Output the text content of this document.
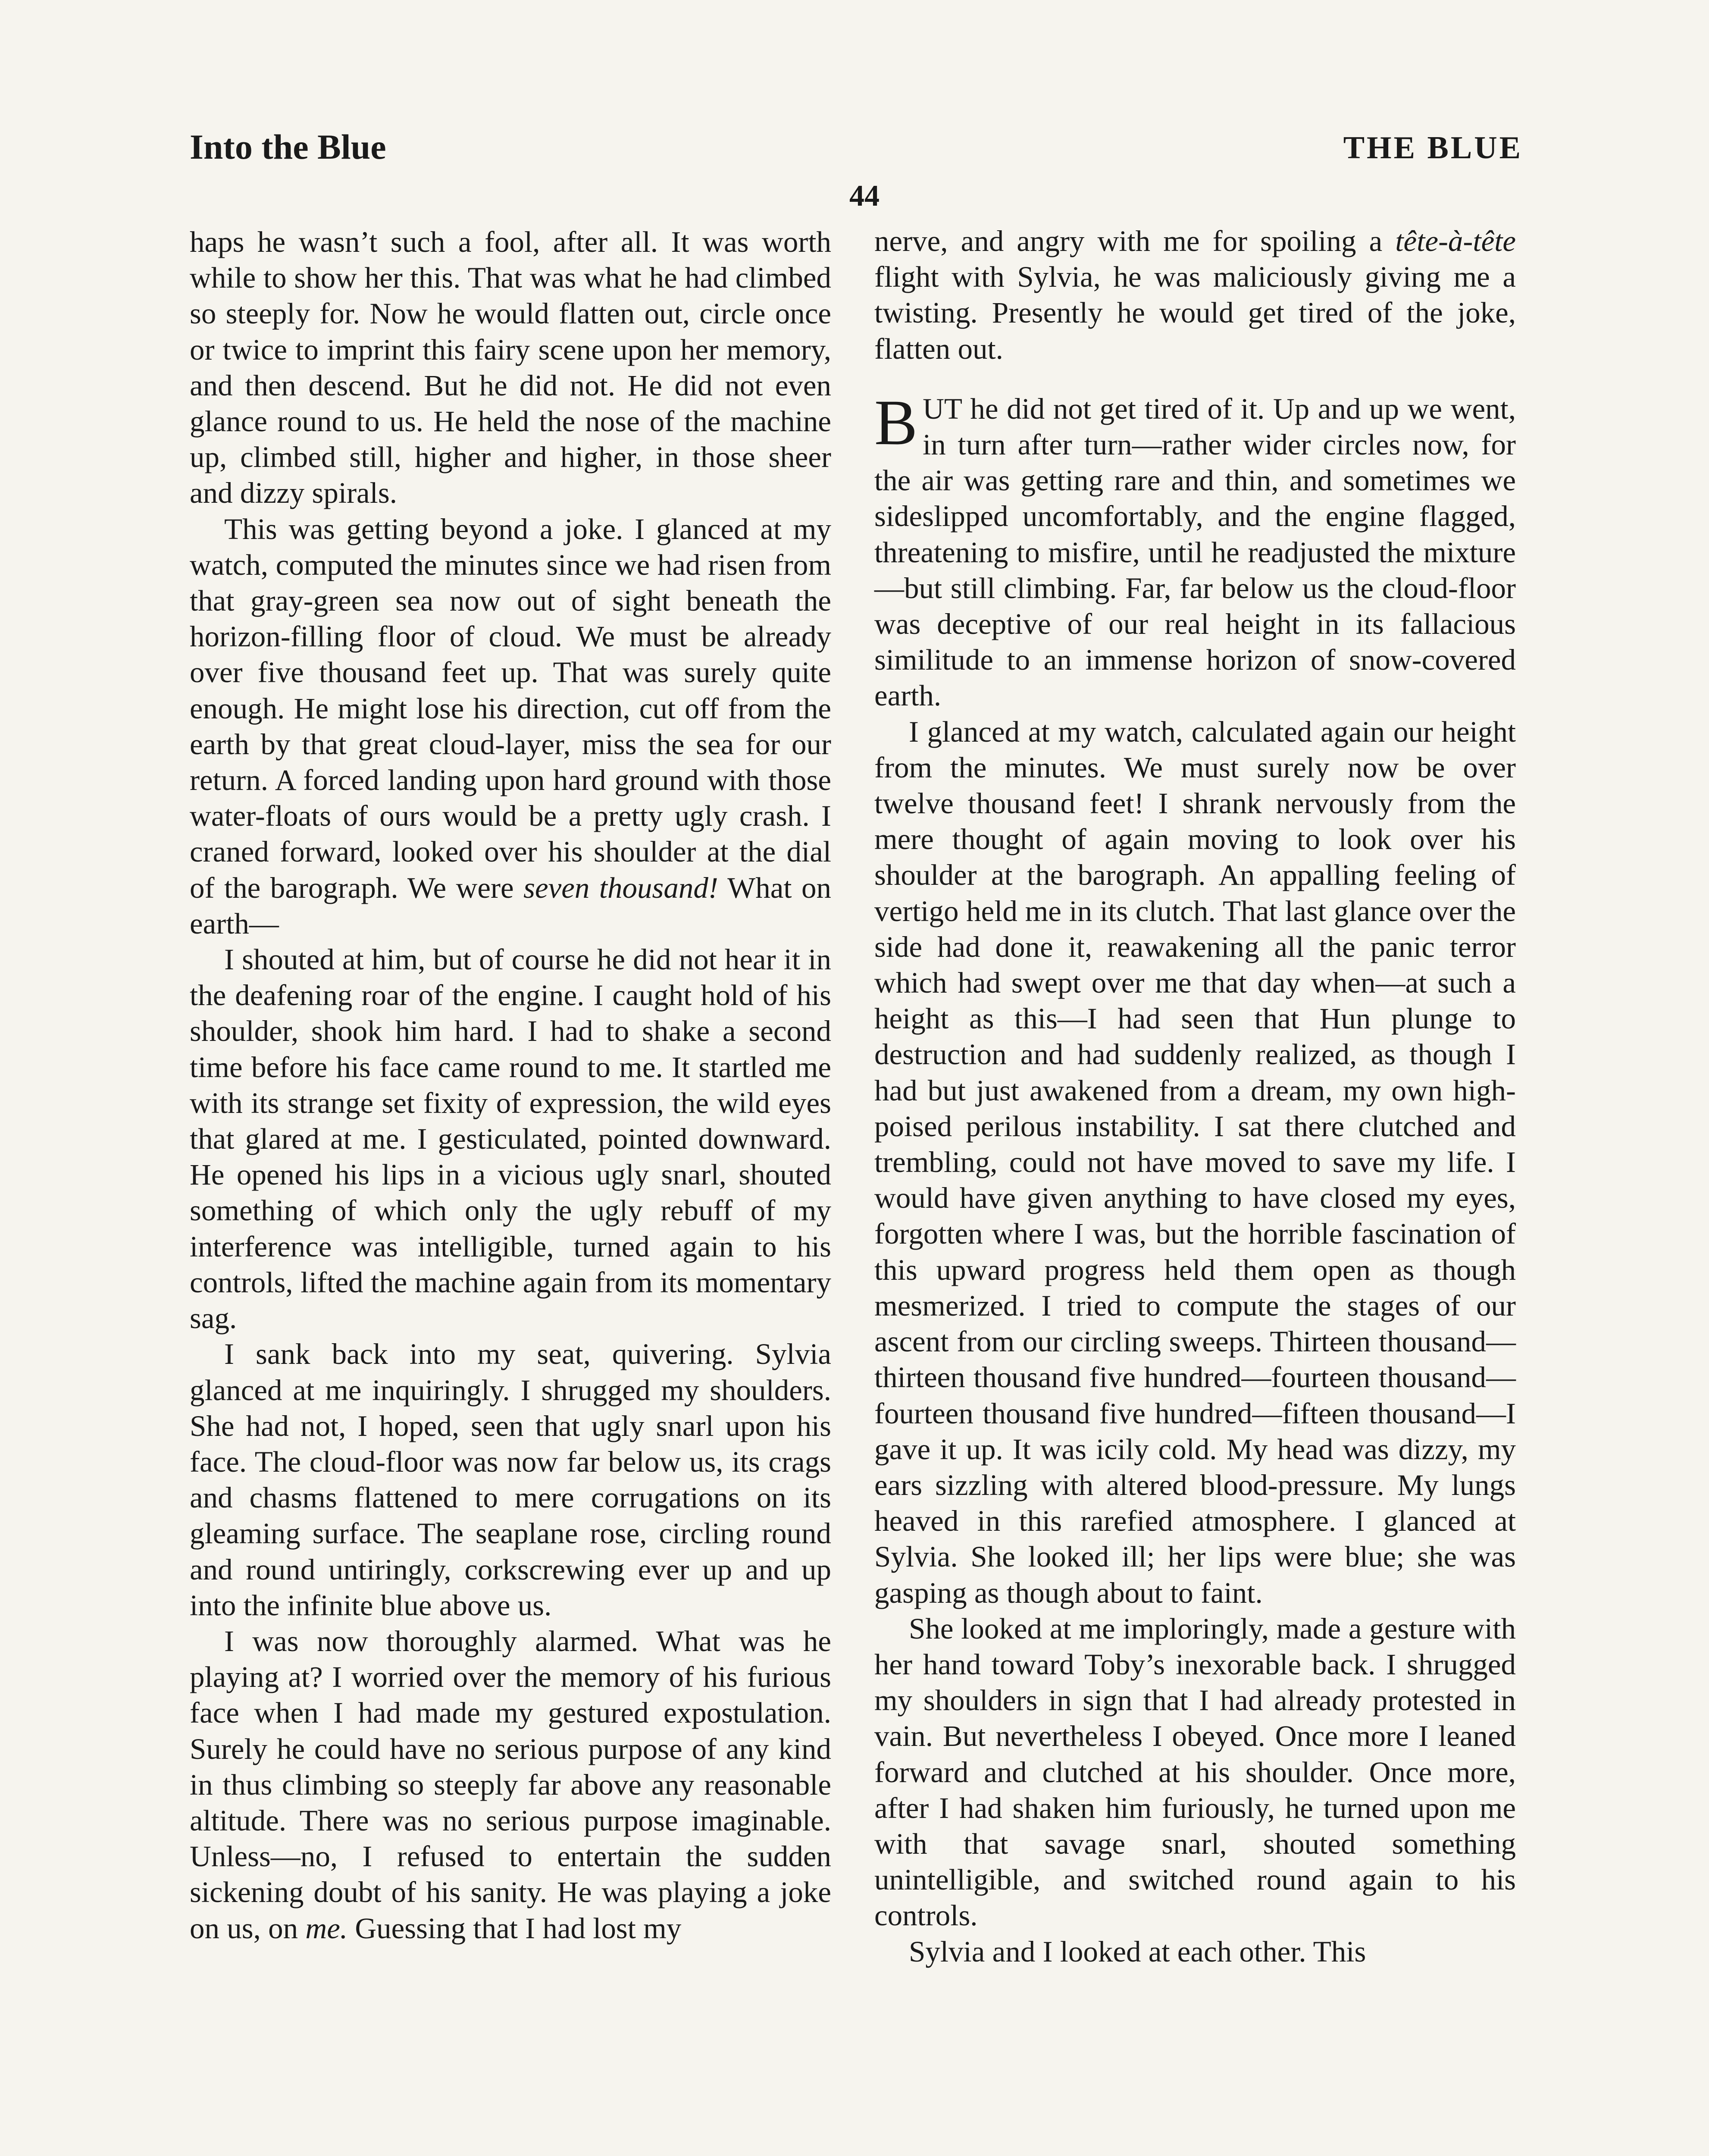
Into the Blue	THE BLUE
44

haps he wasn’t such a fool, after all. It was worth while to show her this. That was what he had climbed so steeply for. Now he would flatten out, circle once or twice to imprint this fairy scene upon her memory, and then descend. But he did not. He did not even glance round to us. He held the nose of the machine up, climbed still, higher and higher, in those sheer and dizzy spirals.

This was getting beyond a joke. I glanced at my watch, computed the minutes since we had risen from that gray-green sea now out of sight beneath the horizon-filling floor of cloud. We must be already over five thousand feet up. That was surely quite enough. He might lose his direction, cut off from the earth by that great cloud-layer, miss the sea for our return. A forced landing upon hard ground with those water-floats of ours would be a pretty ugly crash. I craned forward, looked over his shoulder at the dial of the barograph. We were seven thousand! What on earth—

I shouted at him, but of course he did not hear it in the deafening roar of the engine. I caught hold of his shoulder, shook him hard. I had to shake a second time before his face came round to me. It startled me with its strange set fixity of expression, the wild eyes that glared at me. I gesticulated, pointed downward. He opened his lips in a vicious ugly snarl, shouted something of which only the ugly rebuff of my interference was intelligible, turned again to his controls, lifted the machine again from its momentary sag.

I sank back into my seat, quivering. Sylvia glanced at me inquiringly. I shrugged my shoulders. She had not, I hoped, seen that ugly snarl upon his face. The cloud-floor was now far below us, its crags and chasms flattened to mere corrugations on its gleaming surface. The seaplane rose, circling round and round untiringly, corkscrewing ever up and up into the infinite blue above us.

I was now thoroughly alarmed. What was he playing at? I worried over the memory of his furious face when I had made my gestured expostulation. Surely he could have no serious purpose of any kind in thus climbing so steeply far above any reasonable altitude. There was no serious purpose imaginable. Unless—no, I refused to entertain the sudden sickening doubt of his sanity. He was playing a joke on us, on me. Guessing that I had lost my

nerve, and angry with me for spoiling a tête-à-tête flight with Sylvia, he was maliciously giving me a twisting. Presently he would get tired of the joke, flatten out.

BUT he did not get tired of it. Up and up we went, in turn after turn—rather wider circles now, for the air was getting rare and thin, and sometimes we sideslipped uncomfortably, and the engine flagged, threatening to misfire, until he readjusted the mixture—but still climbing. Far, far below us the cloud-floor was deceptive of our real height in its fallacious similitude to an immense horizon of snow-covered earth.

I glanced at my watch, calculated again our height from the minutes. We must surely now be over twelve thousand feet! I shrank nervously from the mere thought of again moving to look over his shoulder at the barograph. An appalling feeling of vertigo held me in its clutch. That last glance over the side had done it, reawakening all the panic terror which had swept over me that day when—at such a height as this—I had seen that Hun plunge to destruction and had suddenly realized, as though I had but just awakened from a dream, my own high-poised perilous instability. I sat there clutched and trembling, could not have moved to save my life. I would have given anything to have closed my eyes, forgotten where I was, but the horrible fascination of this upward progress held them open as though mesmerized. I tried to compute the stages of our ascent from our circling sweeps. Thirteen thousand—thirteen thousand five hundred—fourteen thousand—fourteen thousand five hundred—fifteen thousand—I gave it up. It was icily cold. My head was dizzy, my ears sizzling with altered blood-pressure. My lungs heaved in this rarefied atmosphere. I glanced at Sylvia. She looked ill; her lips were blue; she was gasping as though about to faint.

She looked at me imploringly, made a gesture with her hand toward Toby’s inexorable back. I shrugged my shoulders in sign that I had already protested in vain. But nevertheless I obeyed. Once more I leaned forward and clutched at his shoulder. Once more, after I had shaken him furiously, he turned upon me with that savage snarl, shouted something unintelligible, and switched round again to his controls.

Sylvia and I looked at each other. This
